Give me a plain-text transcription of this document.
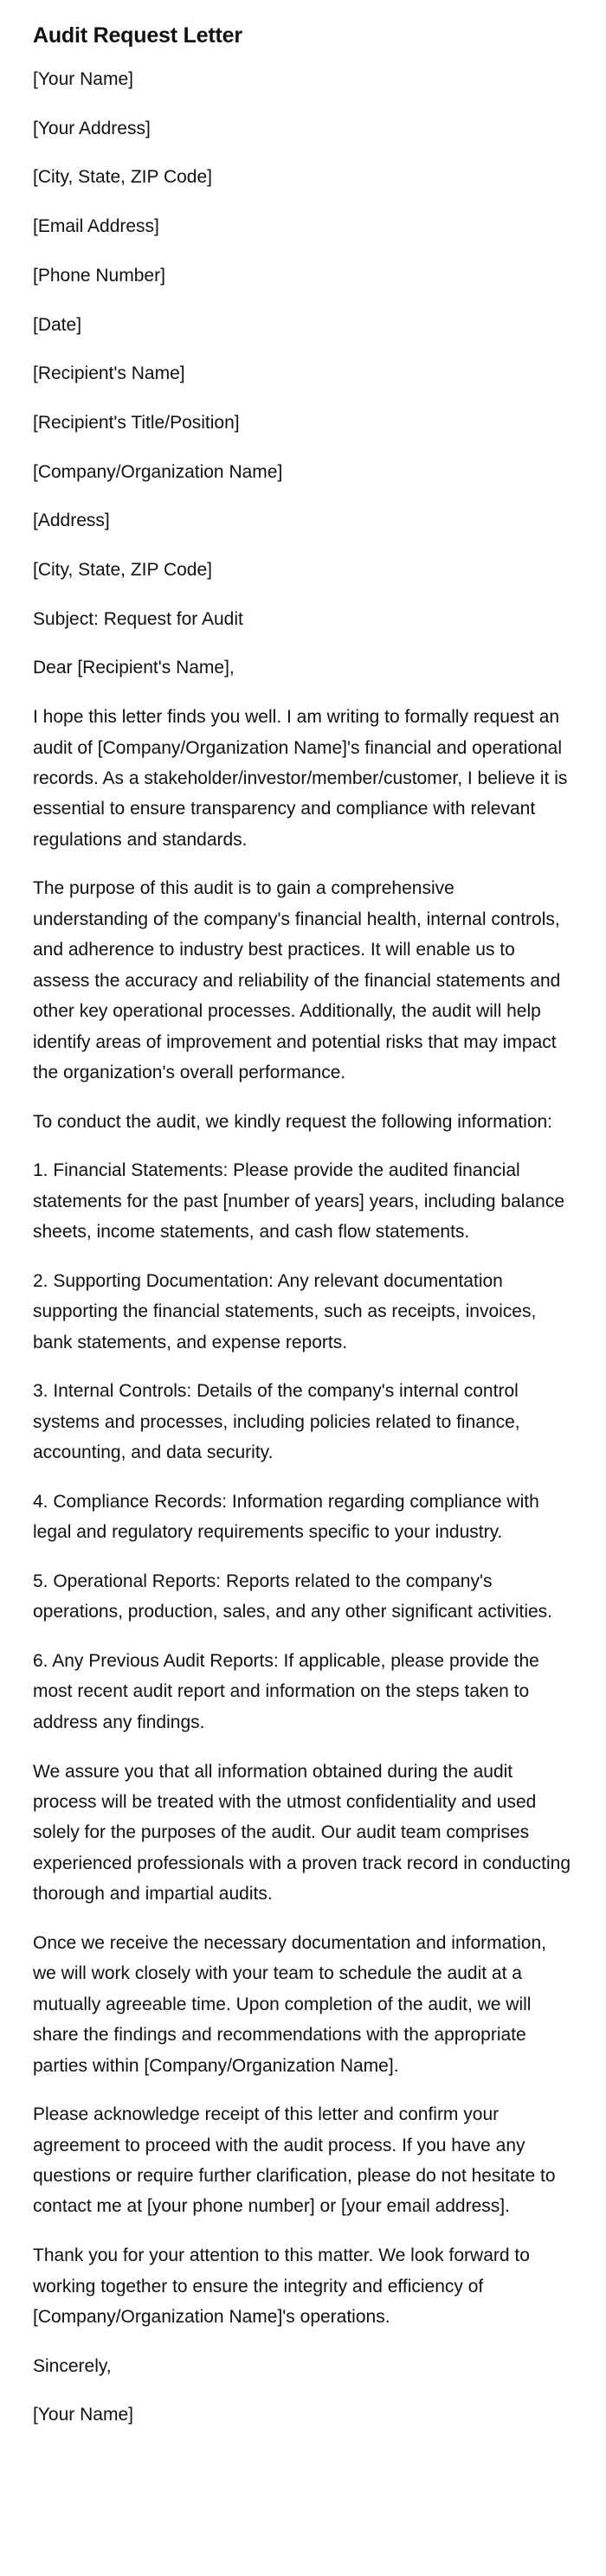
Audit Request Letter

[Your Name]

[Your Address]

[City, State, ZIP Code]

[Email Address]

[Phone Number]

[Date]

[Recipient's Name]

[Recipient's Title/Position]

[Company/Organization Name]

[Address]

[City, State, ZIP Code]

Subject: Request for Audit

Dear [Recipient's Name],

I hope this letter finds you well. I am writing to formally request an audit of [Company/Organization Name]'s financial and operational records. As a stakeholder/investor/member/customer, I believe it is essential to ensure transparency and compliance with relevant regulations and standards.

The purpose of this audit is to gain a comprehensive understanding of the company's financial health, internal controls, and adherence to industry best practices. It will enable us to assess the accuracy and reliability of the financial statements and other key operational processes. Additionally, the audit will help identify areas of improvement and potential risks that may impact the organization's overall performance.

To conduct the audit, we kindly request the following information:

1. Financial Statements: Please provide the audited financial statements for the past [number of years] years, including balance sheets, income statements, and cash flow statements.

2. Supporting Documentation: Any relevant documentation supporting the financial statements, such as receipts, invoices, bank statements, and expense reports.

3. Internal Controls: Details of the company's internal control systems and processes, including policies related to finance, accounting, and data security.

4. Compliance Records: Information regarding compliance with legal and regulatory requirements specific to your industry.

5. Operational Reports: Reports related to the company's operations, production, sales, and any other significant activities.

6. Any Previous Audit Reports: If applicable, please provide the most recent audit report and information on the steps taken to address any findings.

We assure you that all information obtained during the audit process will be treated with the utmost confidentiality and used solely for the purposes of the audit. Our audit team comprises experienced professionals with a proven track record in conducting thorough and impartial audits.

Once we receive the necessary documentation and information, we will work closely with your team to schedule the audit at a mutually agreeable time. Upon completion of the audit, we will share the findings and recommendations with the appropriate parties within [Company/Organization Name].

Please acknowledge receipt of this letter and confirm your agreement to proceed with the audit process. If you have any questions or require further clarification, please do not hesitate to contact me at [your phone number] or [your email address].

Thank you for your attention to this matter. We look forward to working together to ensure the integrity and efficiency of [Company/Organization Name]'s operations.

Sincerely,

[Your Name]
